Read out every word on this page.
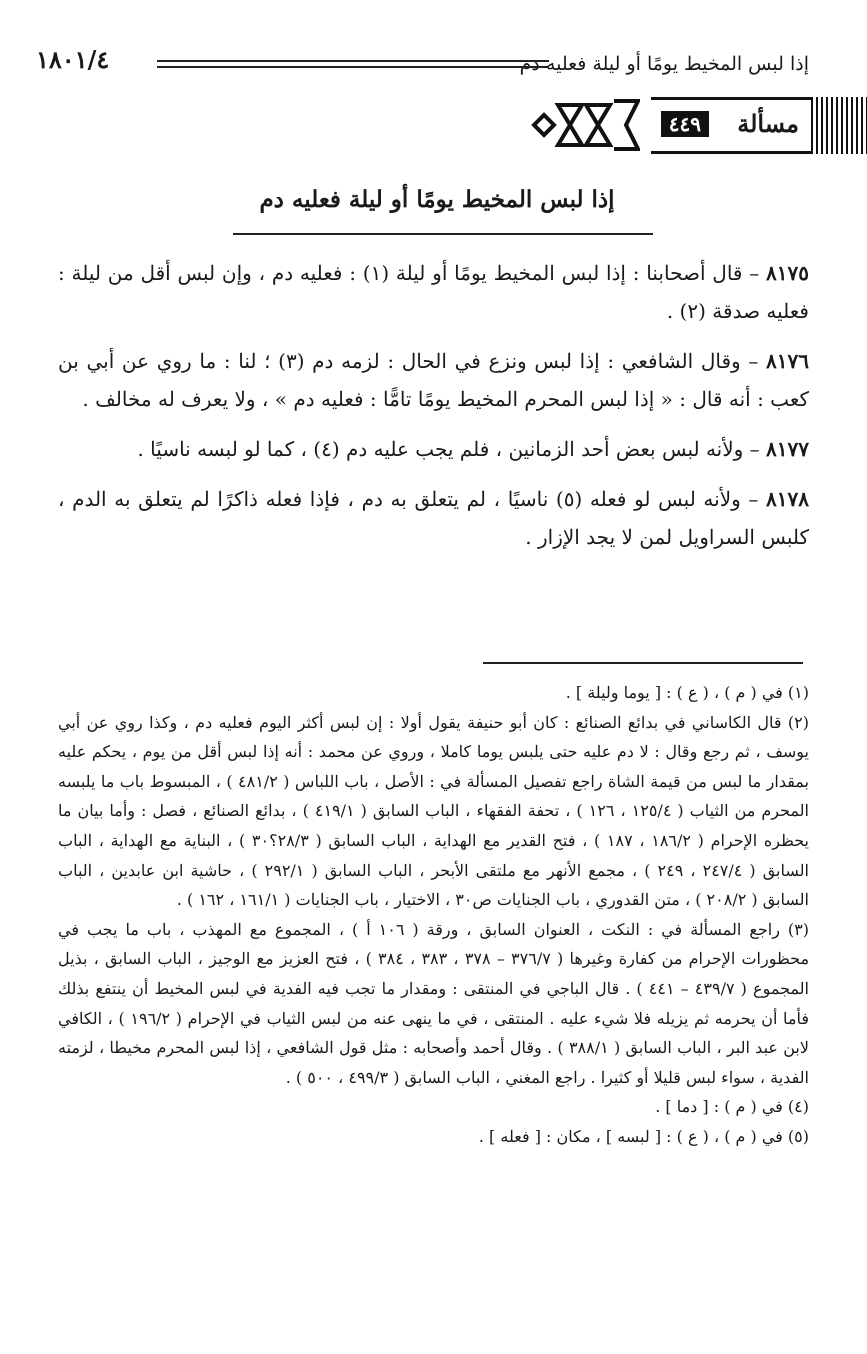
إذا لبس المخيط يومًا أو ليلة فعليه دم
١٨٠١/٤
مسألة
٤٤٩
إذا لبس المخيط يومًا أو ليلة فعليه دم

٨١٧٥ – قال أصحابنا : إذا لبس المخيط يومًا أو ليلة (١) : فعليه دم ، وإن لبس أقل من ليلة : فعليه صدقة (٢) .

٨١٧٦ – وقال الشافعي : إذا لبس ونزع في الحال : لزمه دم (٣) ؛ لنا : ما روي عن أبي بن كعب : أنه قال : « إذا لبس المحرم المخيط يومًا تامًّا : فعليه دم » ، ولا يعرف له مخالف .

٨١٧٧ – ولأنه لبس بعض أحد الزمانين ، فلم يجب عليه دم (٤) ، كما لو لبسه ناسيًا .

٨١٧٨ – ولأنه لبس لو فعله (٥) ناسيًا ، لم يتعلق به دم ، فإذا فعله ذاكرًا لم يتعلق به الدم ، كلبس السراويل لمن لا يجد الإزار .

(١) في ( م ) ، ( ع ) : [ يوما وليلة ] .

(٢) قال الكاساني في بدائع الصنائع : كان أبو حنيفة يقول أولا : إن لبس أكثر اليوم فعليه دم ، وكذا روي عن أبي يوسف ، ثم رجع وقال : لا دم عليه حتى يلبس يوما كاملا ، وروي عن محمد : أنه إذا لبس أقل من يوم ، يحكم عليه بمقدار ما لبس من قيمة الشاة راجع تفصيل المسألة في : الأصل ، باب اللباس ( ٤٨١/٢ ) ، المبسوط باب ما يلبسه المحرم من الثياب ( ١٢٥/٤ ، ١٢٦ ) ، تحفة الفقهاء ، الباب السابق ( ٤١٩/١ ) ، بدائع الصنائع ، فصل : وأما بيان ما يحظره الإحرام ( ١٨٦/٢ ، ١٨٧ ) ، فتح القدير مع الهداية ، الباب السابق ( ٢٨/٣؟٣٠ ) ، البناية مع الهداية ، الباب السابق ( ٢٤٧/٤ ، ٢٤٩ ) ، مجمع الأنهر مع ملتقى الأبحر ، الباب السابق ( ٢٩٢/١ ) ، حاشية ابن عابدين ، الباب السابق ( ٢٠٨/٢ ) ، متن القدوري ، باب الجنايات ص٣٠ ، الاختيار ، باب الجنايات ( ١٦١/١ ، ١٦٢ ) .

(٣) راجع المسألة في : النكت ، العنوان السابق ، ورقة ( ١٠٦ أ ) ، المجموع مع المهذب ، باب ما يجب في محظورات الإحرام من كفارة وغيرها ( ٣٧٦/٧ – ٣٧٨ ، ٣٨٣ ، ٣٨٤ ) ، فتح العزيز مع الوجيز ، الباب السابق ، بذيل المجموع ( ٤٣٩/٧ – ٤٤١ ) . قال الباجي في المنتقى : ومقدار ما تجب فيه الفدية في لبس المخيط أن ينتفع بذلك فأما أن يحرمه ثم يزيله فلا شيء عليه . المنتقى ، في ما ينهى عنه من لبس الثياب في الإحرام ( ١٩٦/٢ ) ، الكافي لابن عبد البر ، الباب السابق ( ٣٨٨/١ ) . وقال أحمد وأصحابه : مثل قول الشافعي ، إذا لبس المحرم مخيطا ، لزمته الفدية ، سواء لبس قليلا أو كثيرا . راجع المغني ، الباب السابق ( ٤٩٩/٣ ، ٥٠٠ ) .

(٤) في ( م ) : [ دما ] .

(٥) في ( م ) ، ( ع ) : [ لبسه ] ، مكان : [ فعله ] .
